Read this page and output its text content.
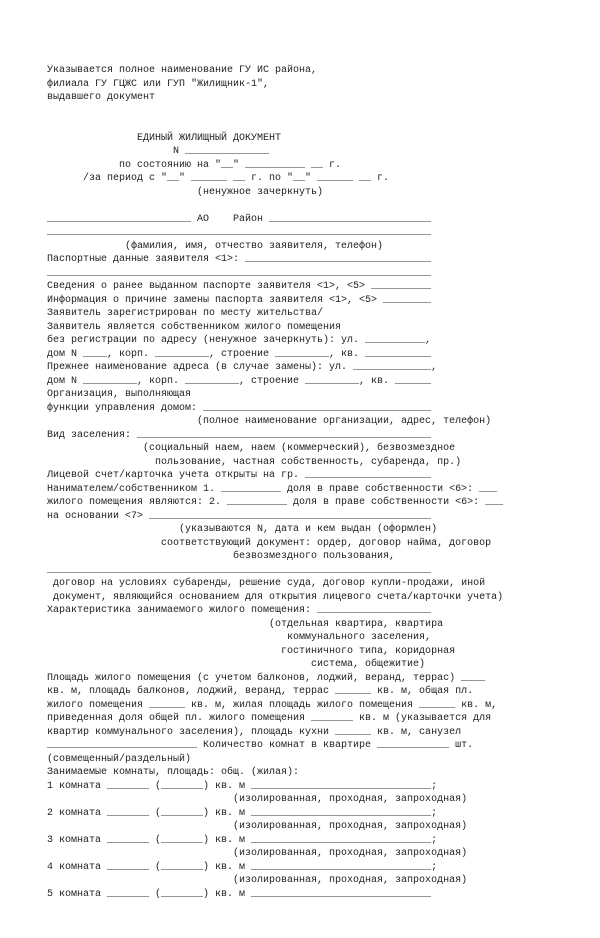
Указывается полное наименование ГУ ИС района,
филиала ГУ ГЦЖС или ГУП "Жилищник-1",
выдавшего документ
ЕДИНЫЙ ЖИЛИЩНЫЙ ДОКУМЕНТ
N ______________
по состоянию на "__" __________ __ г.
/за период с "__" ______ __ г. по "__" ______ __ г.
(ненужное зачеркнуть)
________________________ АО    Район ___________________________
________________________________________________________________
(фамилия, имя, отчество заявителя, телефон)
Паспортные данные заявителя <1>: _______________________________
________________________________________________________________
Сведения о ранее выданном паспорте заявителя <1>, <5> __________
Информация о причине замены паспорта заявителя <1>, <5> ________
Заявитель зарегистрирован по месту жительства/
Заявитель является собственником жилого помещения
без регистрации по адресу (ненужное зачеркнуть): ул. __________,
дом N ____, корп. _________, строение _________, кв. ___________
Прежнее наименование адреса (в случае замены): ул. _____________,
дом N _________, корп. _________, строение _________, кв. ______
Организация, выполняющая
функции управления домом: ______________________________________
(полное наименование организации, адрес, телефон)
Вид заселения: _________________________________________________
(социальный наем, наем (коммерческий), безвозмездное
пользование, частная собственность, субаренда, пр.)
Лицевой счет/карточка учета открыты на гр. _____________________
Нанимателем/собственником 1. __________ доля в праве собственности <6>: ___
жилого помещения являются: 2. __________ доля в праве собственности <6>: ___
на основании <7> _______________________________________________
(указываются N, дата и кем выдан (оформлен)
соответствующий документ: ордер, договор найма, договор
безвозмездного пользования,
________________________________________________________________
договор на условиях субаренды, решение суда, договор купли-продажи, иной
документ, являющийся основанием для открытия лицевого счета/карточки учета)
Характеристика занимаемого жилого помещения: ___________________
(отдельная квартира, квартира
коммунального заселения,
гостиничного типа, коридорная
система, общежитие)
Площадь жилого помещения (с учетом балконов, лоджий, веранд, террас) ____
кв. м, площадь балконов, лоджий, веранд, террас ______ кв. м, общая пл.
жилого помещения ______ кв. м, жилая площадь жилого помещения ______ кв. м,
приведенная доля общей пл. жилого помещения _______ кв. м (указывается для
квартир коммунального заселения), площадь кухни ______ кв. м, санузел
_________________________ Количество комнат в квартире ____________ шт.
(совмещенный/раздельный)
Занимаемые комнаты, площадь: общ. (жилая):
1 комната _______ (_______) кв. м ______________________________;
(изолированная, проходная, запроходная)
2 комната _______ (_______) кв. м ______________________________;
(изолированная, проходная, запроходная)
3 комната _______ (_______) кв. м ______________________________;
(изолированная, проходная, запроходная)
4 комната _______ (_______) кв. м ______________________________;
(изолированная, проходная, запроходная)
5 комната _______ (_______) кв. м ______________________________
